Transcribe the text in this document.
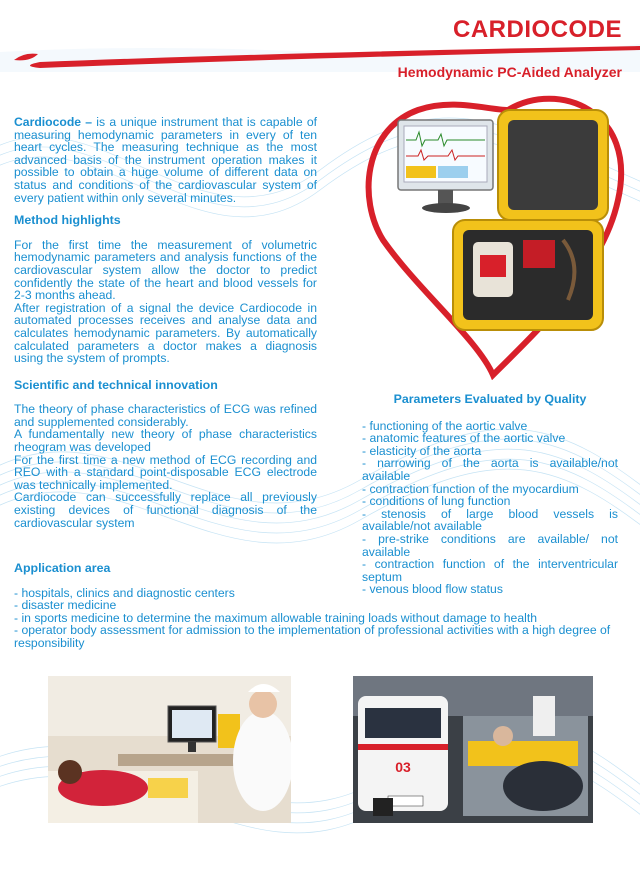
CARDIOCODE
Hemodynamic PC-Aided Analyzer

Cardiocode – is a unique instrument that is capable of measuring hemodynamic parameters in every of ten heart cycles. The measuring technique as the most advanced basis of the instrument operation makes it possible to obtain a huge volume of different data on status and conditions of the cardiovascular system of every patient within only several minutes.

Method highlights

For the first time the measurement of volumetric hemodynamic parameters and analysis functions of the cardiovascular system allow the doctor to predict confidently the state of the heart and blood vessels for 2-3 months ahead.

After registration of a signal the device Cardiocode in automated processes receives and analyse data and calculates hemodynamic parameters. By automatically calculated parameters a doctor makes a diagnosis using the system of prompts.

Scientific and technical innovation

The theory of phase characteristics of ECG was refined and supplemented considerably.

A fundamentally new theory of phase characteristics rheogram was developed

For the first time a new method of ECG recording and REO with a standard point-disposable ECG electrode was technically implemented.

Cardiocode can successfully replace all previously existing devices of functional diagnosis of the cardiovascular system

Parameters Evaluated by Quality
- functioning of the aortic valve
- anatomic features of the aortic valve
- elasticity of the aorta
- narrowing of the aorta is available/not available
- contraction function of the myocardium
- conditions of lung function
- stenosis of large blood vessels is available/not available
- pre-strike conditions are available/ not available
- contraction function of the interventricular septum
- venous blood flow status
Application area
- hospitals, clinics and diagnostic centers
- disaster medicine
- in sports medicine to determine the maximum allowable training loads without damage to health
- operator body assessment for admission to the implementation of professional activities with a high degree of responsibility
03
